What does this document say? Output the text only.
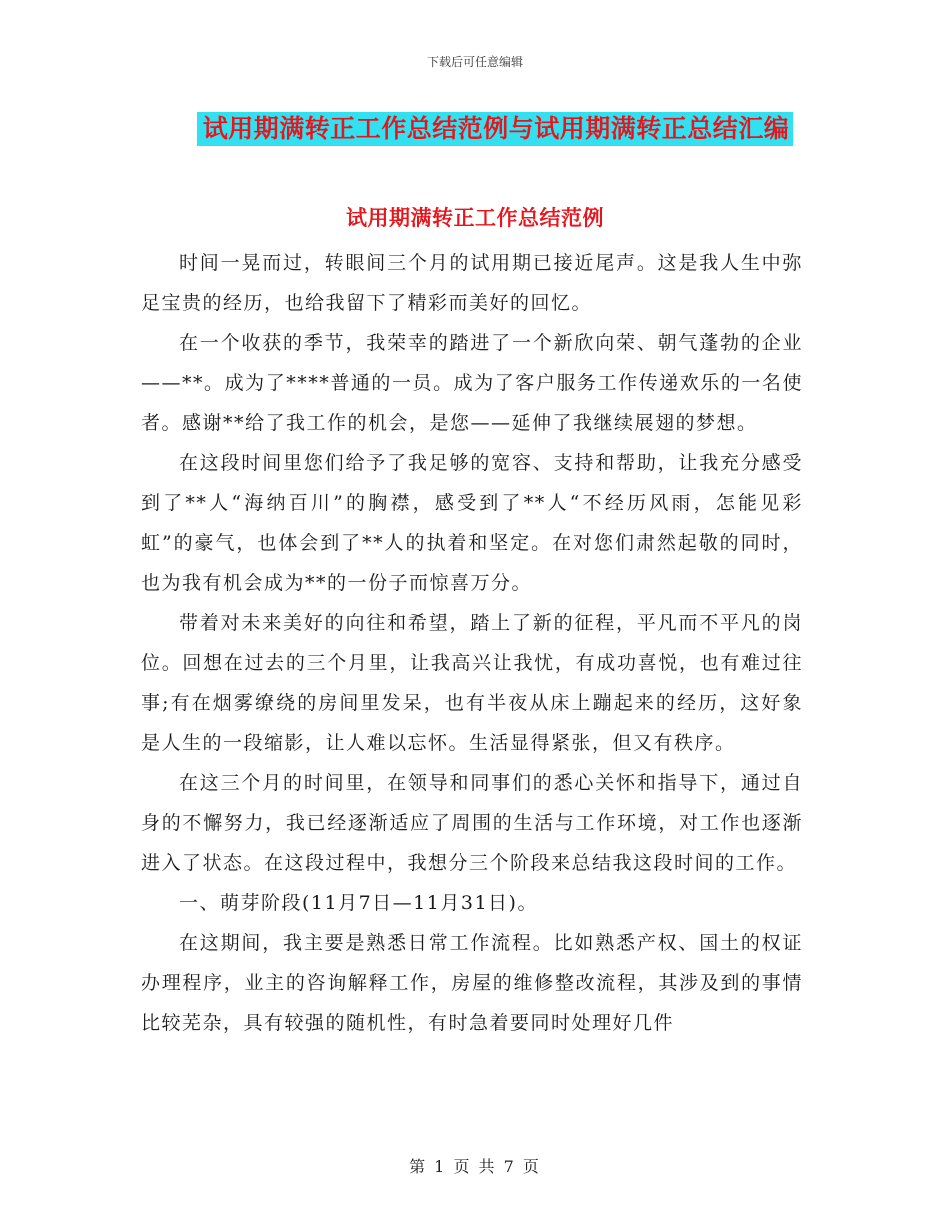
下载后可任意编辑
试用期满转正工作总结范例与试用期满转正总结汇编
试用期满转正工作总结范例

时间一晃而过，转眼间三个月的试用期已接近尾声。这是我人生中弥足宝贵的经历，也给我留下了精彩而美好的回忆。

在一个收获的季节，我荣幸的踏进了一个新欣向荣、朝气蓬勃的企业——**。成为了****普通的一员。成为了客户服务工作传递欢乐的一名使者。感谢**给了我工作的机会，是您——延伸了我继续展翅的梦想。

在这段时间里您们给予了我足够的宽容、支持和帮助，让我充分感受到了**人“海纳百川”的胸襟，感受到了**人“不经历风雨，怎能见彩虹”的豪气，也体会到了**人的执着和坚定。在对您们肃然起敬的同时，也为我有机会成为**的一份子而惊喜万分。

带着对未来美好的向往和希望，踏上了新的征程，平凡而不平凡的岗位。回想在过去的三个月里，让我高兴让我忧，有成功喜悦，也有难过往事;有在烟雾缭绕的房间里发呆，也有半夜从床上蹦起来的经历，这好象是人生的一段缩影，让人难以忘怀。生活显得紧张，但又有秩序。

在这三个月的时间里，在领导和同事们的悉心关怀和指导下，通过自身的不懈努力，我已经逐渐适应了周围的生活与工作环境，对工作也逐渐进入了状态。在这段过程中，我想分三个阶段来总结我这段时间的工作。

一、萌芽阶段(11月7日—11月31日)。

在这期间，我主要是熟悉日常工作流程。比如熟悉产权、国土的权证办理程序，业主的咨询解释工作，房屋的维修整改流程，其涉及到的事情比较芜杂，具有较强的随机性，有时急着要同时处理好几件

第 1 页 共 7 页
